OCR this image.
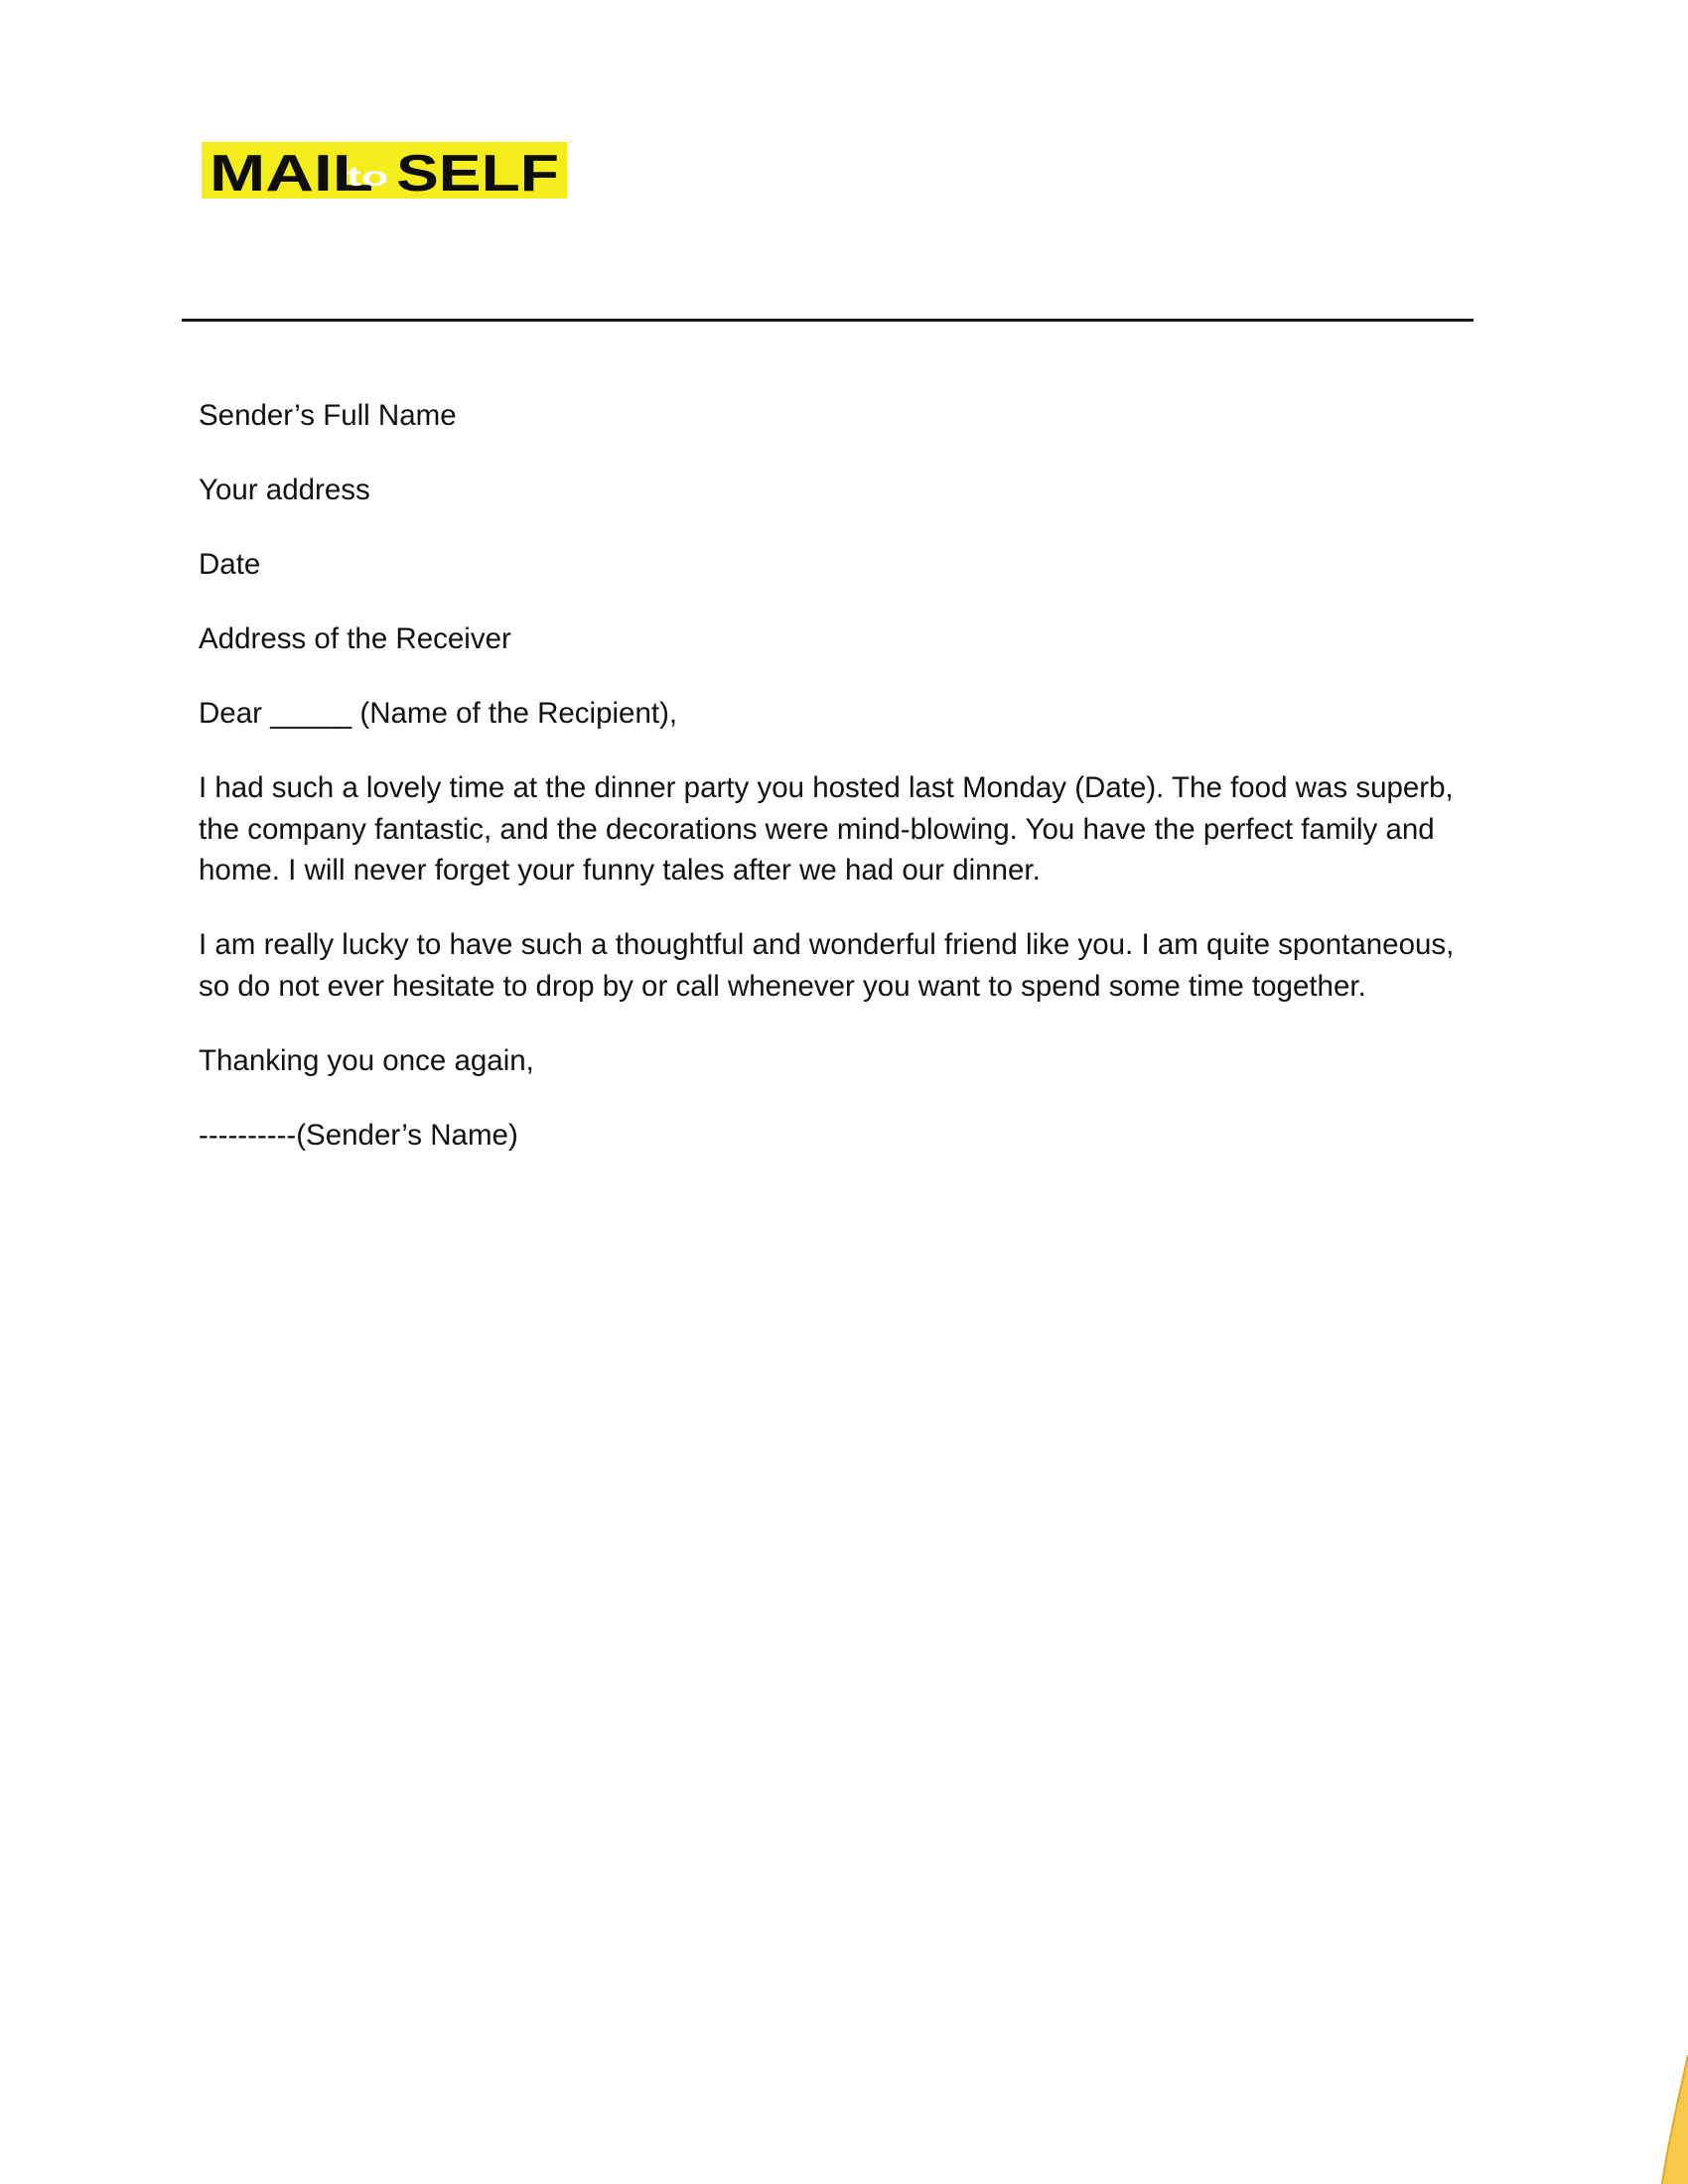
MAIL
to SELF

Sender’s Full Name

Your address

Date

Address of the Receiver

Dear _____ (Name of the Recipient),

I had such a lovely time at the dinner party you hosted last Monday (Date). The food was superb, the company fantastic, and the decorations were mind-blowing. You have the perfect family and home. I will never forget your funny tales after we had our dinner.

I am really lucky to have such a thoughtful and wonderful friend like you. I am quite spontaneous, so do not ever hesitate to drop by or call whenever you want to spend some time together.

Thanking you once again,

----------(Sender’s Name)
